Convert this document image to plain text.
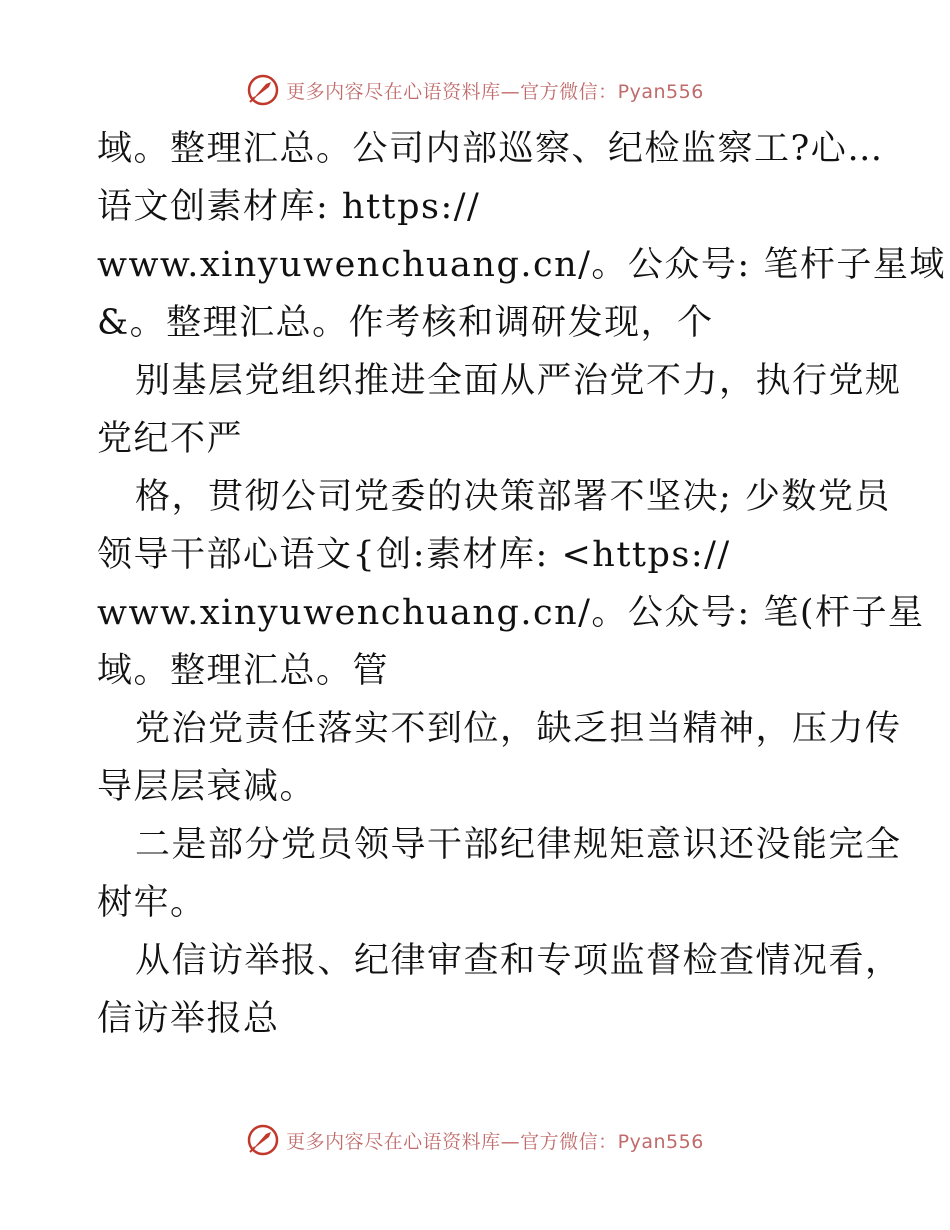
更多内容尽在心语资料库—官方微信：Pyan556
域。整理汇总。公司内部巡察、纪检监察工?心…
语文创素材库: https://
www.xinyuwenchuang.cn/。公众号: 笔杆子星域
&。整理汇总。作考核和调研发现，个
别基层党组织推进全面从严治党不力，执行党规
党纪不严
格，贯彻公司党委的决策部署不坚决; 少数党员
领导干部心语文{创:素材库: <https://
www.xinyuwenchuang.cn/。公众号: 笔(杆子星
域。整理汇总。管
党治党责任落实不到位，缺乏担当精神，压力传
导层层衰减。
二是部分党员领导干部纪律规矩意识还没能完全
树牢。
从信访举报、纪律审查和专项监督检查情况看，
信访举报总
更多内容尽在心语资料库—官方微信：Pyan556
